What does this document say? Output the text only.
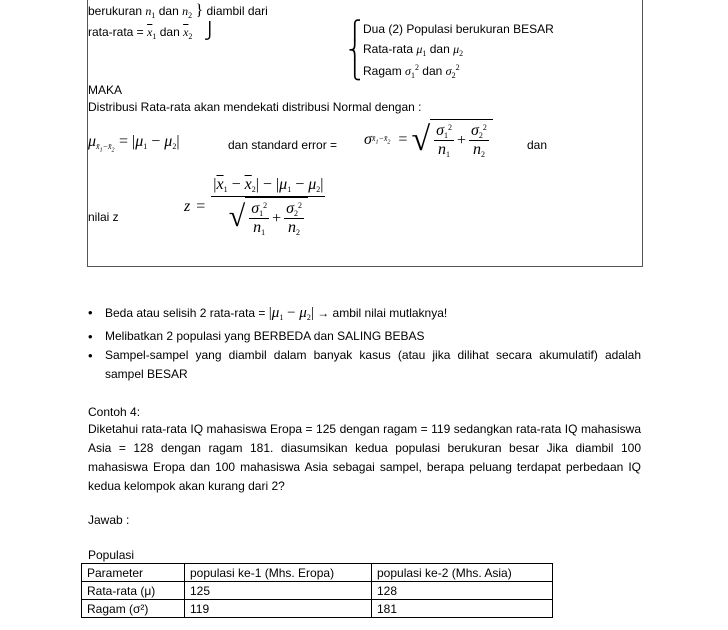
berukuran $n_1$ dan $n_2$ } diambil dari
rata-rata = $\overline{x}_1$ dan $\overline{x}_2$ ⎭	⎧
⎨
⎩
Dua (2) Populasi berukuran BESAR
Rata-rata $\mu_1$ dan $\mu_2$
Ragam $\sigma_1^2$ dan $\sigma_2^2$
MAKA
Distribusi Rata-rata akan mendekati distribusi Normal dengan :
$\mu_{x̄_1-x̄_2} = |\mu_1 - \mu_2|$	dan standard error = σ $x̄_1-x̄_2$ = √ $\frac{\sigma_1^2}{n_1} + \frac{\sigma_2^2}{n_2}$	dan
nilai z
$z = \frac{|\overline{x}_1 - \overline{x}_2| - |\mu_1 - \mu_2|}{√ \frac{\sigma_1^2}{n_1} + \frac{\sigma_2^2}{n_2}}$
• Beda atau selisih 2 rata-rata = $|\mu_1 - \mu_2|$ → ambil nilai mutlaknya!
• Melibatkan 2 populasi yang BERBEDA dan SALING BEBAS
• Sampel-sampel yang diambil dalam banyak kasus (atau jika dilihat secara akumulatif) adalah sampel BESAR
Contoh 4:
Diketahui rata-rata IQ mahasiswa Eropa = 125 dengan ragam = 119 sedangkan rata-rata IQ mahasiswa Asia = 128 dengan ragam 181. diasumsikan kedua populasi berukuran besar Jika diambil 100 mahasiswa Eropa dan 100 mahasiswa Asia sebagai sampel, berapa peluang terdapat perbedaan IQ kedua kelompok akan kurang dari 2?
Jawab :
Populasi
Parameter	populasi ke-1 (Mhs. Eropa)	populasi ke-2 (Mhs. Asia)
Rata-rata (μ)	125	128
Ragam (σ²)	119	181
